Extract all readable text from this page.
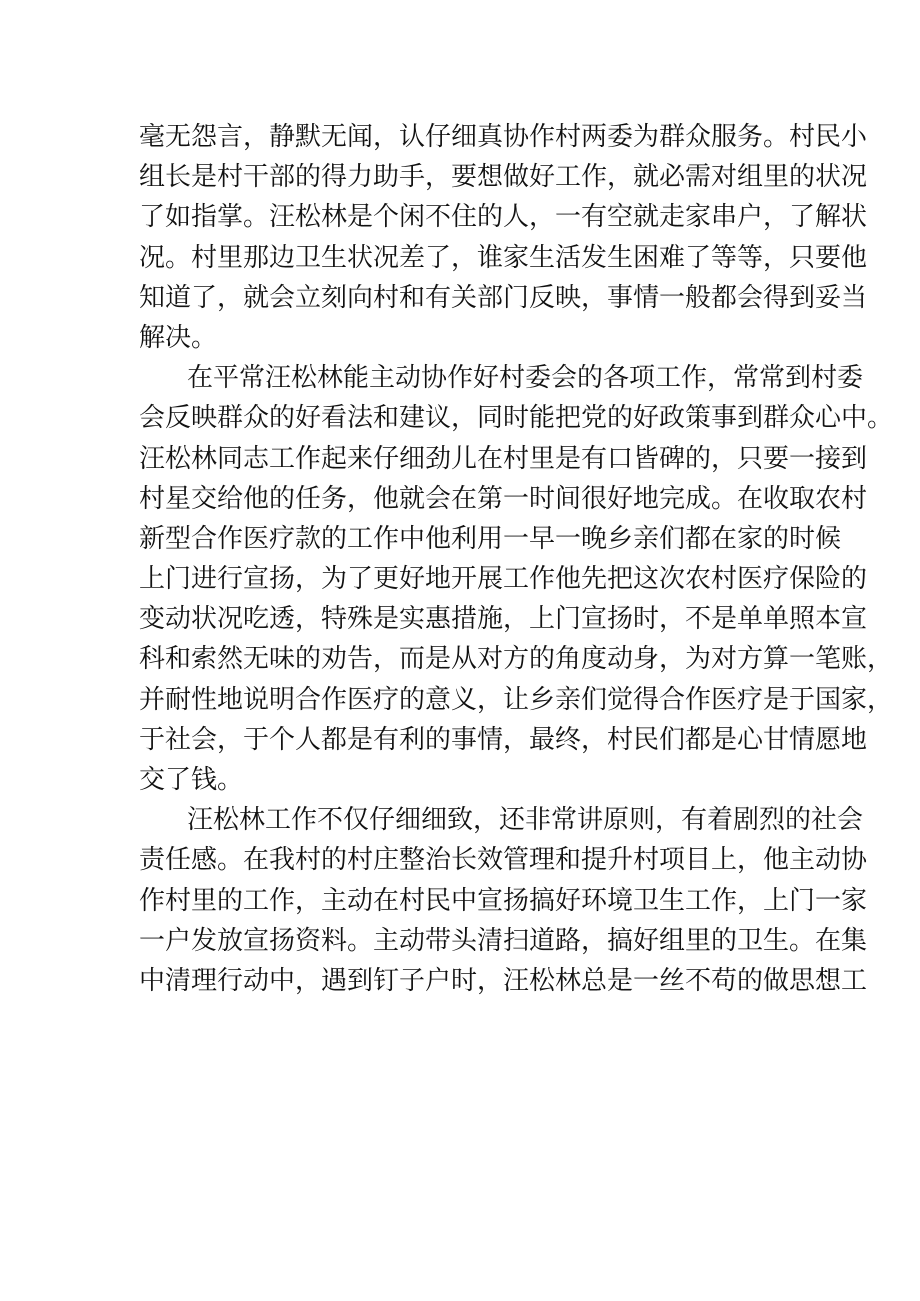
毫无怨言，静默无闻，认仔细真协作村两委为群众服务。村民小
组长是村干部的得力助手，要想做好工作，就必需对组里的状况
了如指掌。汪松林是个闲不住的人，一有空就走家串户，了解状
况。村里那边卫生状况差了，谁家生活发生困难了等等，只要他
知道了，就会立刻向村和有关部门反映，事情一般都会得到妥当
解决。
在平常汪松林能主动协作好村委会的各项工作，常常到村委
会反映群众的好看法和建议，同时能把党的好政策事到群众心中。
汪松林同志工作起来仔细劲儿在村里是有口皆碑的，只要一接到
村星交给他的任务，他就会在第一时间很好地完成。在收取农村
新型合作医疗款的工作中他利用一早一晚乡亲们都在家的时候
上门进行宣扬，为了更好地开展工作他先把这次农村医疗保险的
变动状况吃透，特殊是实惠措施，上门宣扬时，不是单单照本宣
科和索然无味的劝告，而是从对方的角度动身，为对方算一笔账，
并耐性地说明合作医疗的意义，让乡亲们觉得合作医疗是于国家，
于社会，于个人都是有利的事情，最终，村民们都是心甘情愿地
交了钱。
汪松林工作不仅仔细细致，还非常讲原则，有着剧烈的社会
责任感。在我村的村庄整治长效管理和提升村项目上，他主动协
作村里的工作，主动在村民中宣扬搞好环境卫生工作，上门一家
一户发放宣扬资料。主动带头清扫道路，搞好组里的卫生。在集
中清理行动中，遇到钉子户时，汪松林总是一丝不苟的做思想工
